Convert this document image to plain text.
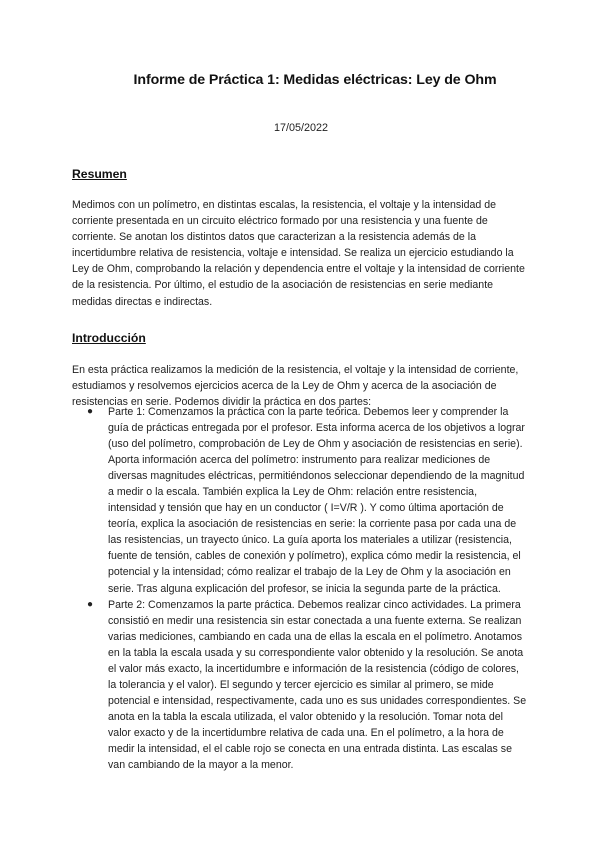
Informe de Práctica 1: Medidas eléctricas: Ley de Ohm
17/05/2022
Resumen

Medimos con un polímetro, en distintas escalas, la resistencia, el voltaje y la intensidad de corriente presentada en un circuito eléctrico formado por una resistencia y una fuente de corriente. Se anotan los distintos datos que caracterizan a la resistencia además de la incertidumbre relativa de resistencia, voltaje e intensidad. Se realiza un ejercicio estudiando la Ley de Ohm, comprobando la relación y dependencia entre el voltaje y la intensidad de corriente de la resistencia. Por último, el estudio de la asociación de resistencias en serie mediante medidas directas e indirectas.

Introducción

En esta práctica realizamos la medición de la resistencia, el voltaje y la intensidad de corriente, estudiamos y resolvemos ejercicios acerca de la Ley de Ohm y acerca de la asociación de resistencias en serie. Podemos dividir la práctica en dos partes:

● Parte 1: Comenzamos la práctica con la parte teórica. Debemos leer y comprender la guía de prácticas entregada por el profesor. Esta informa acerca de los objetivos a lograr (uso del polímetro, comprobación de Ley de Ohm y asociación de resistencias en serie). Aporta información acerca del polímetro: instrumento para realizar mediciones de diversas magnitudes eléctricas, permitiéndonos seleccionar dependiendo de la magnitud a medir o la escala. También explica la Ley de Ohm: relación entre resistencia, intensidad y tensión que hay en un conductor ( I=V/R ). Y como última aportación de teoría, explica la asociación de resistencias en serie: la corriente pasa por cada una de las resistencias, un trayecto único. La guía aporta los materiales a utilizar (resistencia, fuente de tensión, cables de conexión y polímetro), explica cómo medir la resistencia, el potencial y la intensidad; cómo realizar el trabajo de la Ley de Ohm y la asociación en serie. Tras alguna explicación del profesor, se inicia la segunda parte de la práctica.
● Parte 2: Comenzamos la parte práctica. Debemos realizar cinco actividades. La primera consistió en medir una resistencia sin estar conectada a una fuente externa. Se realizan varias mediciones, cambiando en cada una de ellas la escala en el polímetro. Anotamos en la tabla la escala usada y su correspondiente valor obtenido y la resolución. Se anota el valor más exacto, la incertidumbre e información de la resistencia (código de colores, la tolerancia y el valor). El segundo y tercer ejercicio es similar al primero, se mide potencial e intensidad, respectivamente, cada uno es sus unidades correspondientes. Se anota en la tabla la escala utilizada, el valor obtenido y la resolución. Tomar nota del valor exacto y de la incertidumbre relativa de cada una. En el polímetro, a la hora de medir la intensidad, el el cable rojo se conecta en una entrada distinta. Las escalas se van cambiando de la mayor a la menor.
